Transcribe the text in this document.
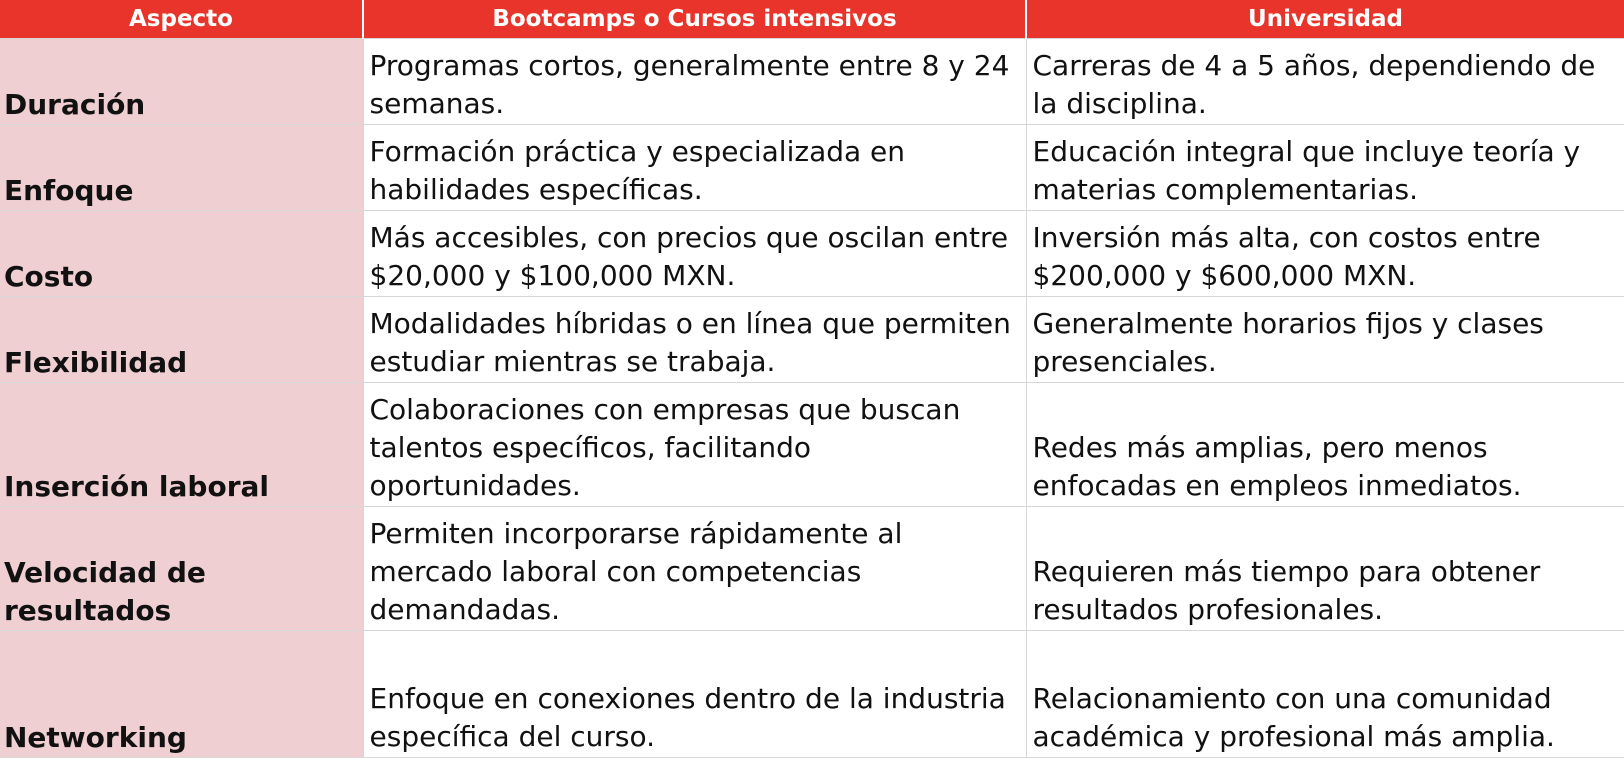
Aspecto	Bootcamps o Cursos intensivos	Universidad
Duración	Programas cortos, generalmente entre 8 y 24 semanas.	Carreras de 4 a 5 años, dependiendo de la disciplina.
Enfoque	Formación práctica y especializada en habilidades específicas.	Educación integral que incluye teoría y materias complementarias.
Costo	Más accesibles, con precios que oscilan entre $20,000 y $100,000 MXN.	Inversión más alta, con costos entre $200,000 y $600,000 MXN.
Flexibilidad	Modalidades híbridas o en línea que permiten estudiar mientras se trabaja.	Generalmente horarios fijos y clases presenciales.
Inserción laboral	Colaboraciones con empresas que buscan talentos específicos, facilitando oportunidades.	Redes más amplias, pero menos enfocadas en empleos inmediatos.
Velocidad de resultados	Permiten incorporarse rápidamente al mercado laboral con competencias demandadas.	Requieren más tiempo para obtener resultados profesionales.
Networking	Enfoque en conexiones dentro de la industria específica del curso.	Relacionamiento con una comunidad académica y profesional más amplia.
